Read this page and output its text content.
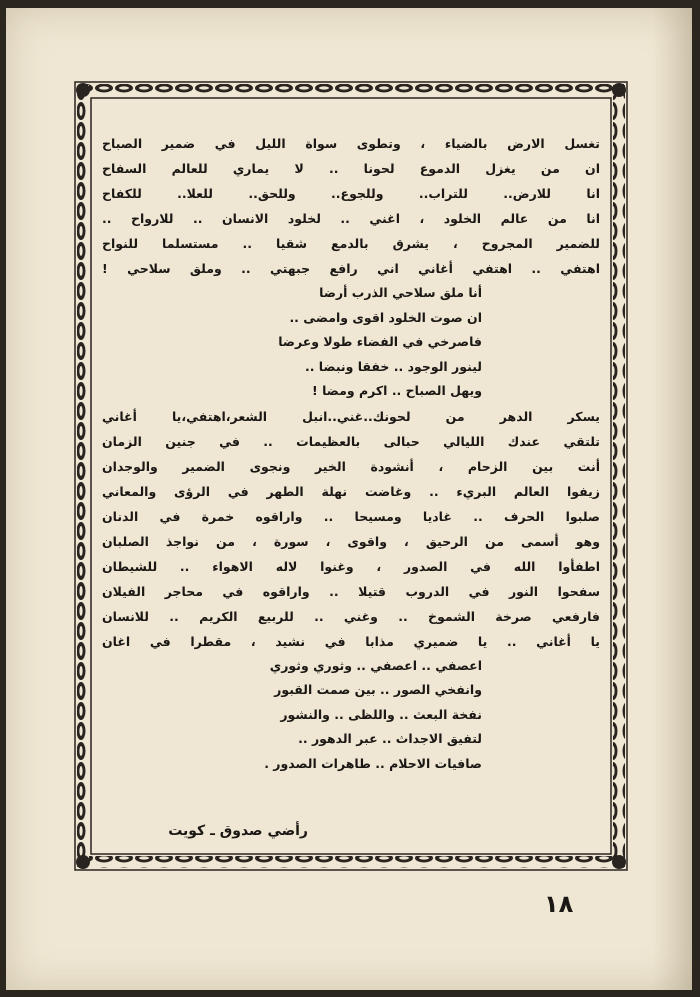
تغسل الارض بالضياء ، وتطوى سواة الليل في ضمير الصباح
ان من يغزل الدموع لحونا .. لا يماري للعالم السفاح
انا للارض.. للتراب.. وللجوع.. وللحق.. للعلا.. للكفاح
انا من عالم الخلود ، اغني .. لخلود الانسان .. للارواح ..
للضمير المجروح ، يشرق بالدمع شقيا .. مستسلما للنواح
اهتفي .. اهتفي أغاني اني رافع جبهتي .. وملق سلاحي !
أنا ملق سلاحي الذرب أرضا
ان صوت الخلود اقوى وامضى ..
فاصرخي في الفضاء طولا وعرضا
لينور الوجود .. خفقا ونبضا ..
ويهل الصباح .. اكرم ومضا !
يسكر الدهر من لحونك..غني..انبل الشعر،اهتفي،يا أغاني
تلتقي عندك الليالي حبالى بالعظيمات .. في جنين الزمان
أنت بين الزحام ، أنشودة الخير ونجوى الضمير والوجدان
زيفوا العالم البريء .. وغاضت نهلة الطهر في الرؤى والمعاني
صلبوا الحرف .. غاديا ومسيحا .. واراقوه خمرة في الدنان
وهو أسمى من الرحيق ، واقوى ، سورة ، من نواجذ الصلبان
اطفأوا الله في الصدور ، وغنوا لاله الاهواء .. للشيطان
سفحوا النور في الدروب قتيلا .. واراقوه في محاجر الفيلان
فارفعي صرخة الشموخ .. وغني .. للربيع الكريم .. للانسان
يا أغاني .. يا ضميري مذابا في نشيد ، مقطرا في اغان
اعصفي .. اعصفي .. وثوري وثوري
وانفخي الصور .. بين صمت القبور
نفخة البعث .. واللظى .. والنشور
لتفيق الاجداث .. عبر الدهور ..
صافيات الاحلام .. طاهرات الصدور .
رأضي صدوق ـ كويت
١٨
